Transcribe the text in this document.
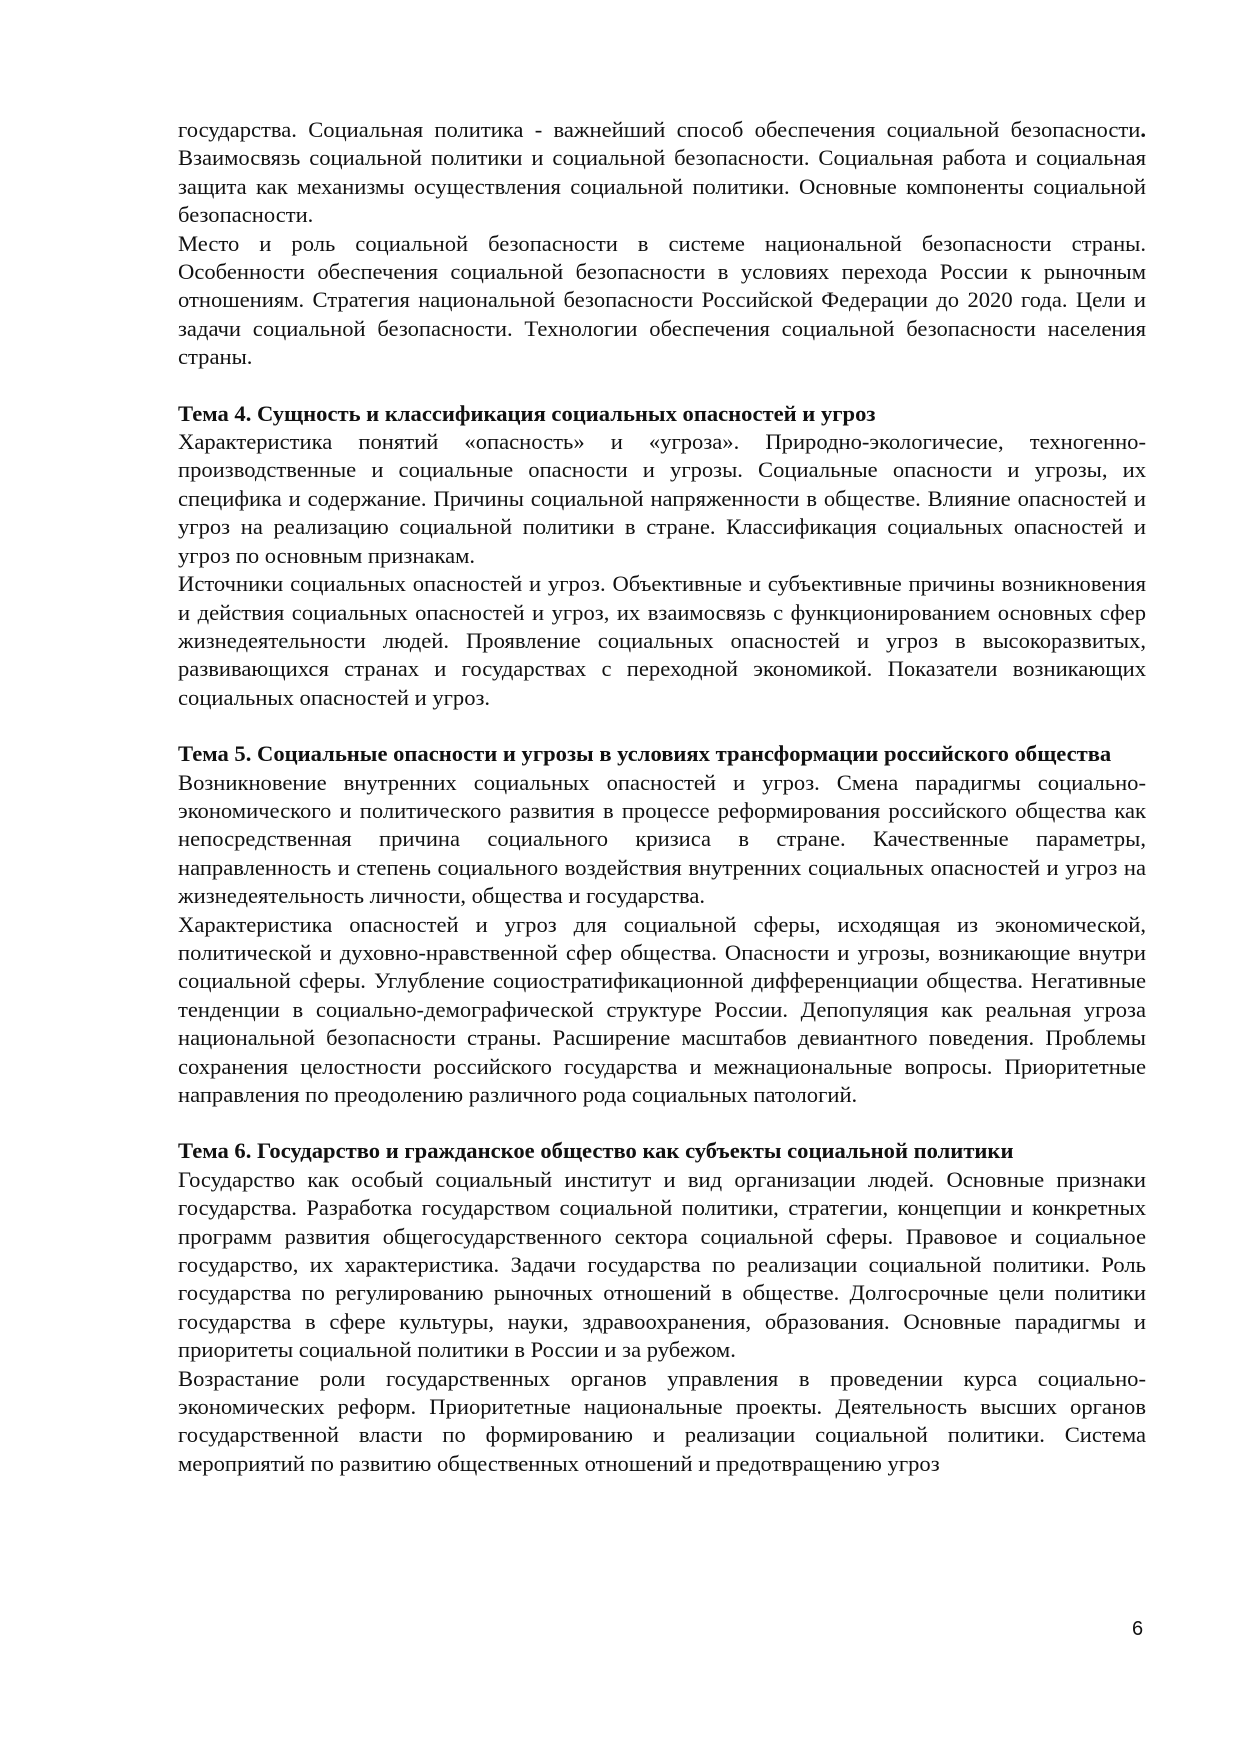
государства. Социальная политика - важнейший способ обеспечения социальной безопасности. Взаимосвязь социальной политики и социальной безопасности. Социальная работа и социальная защита как механизмы осуществления социальной политики. Основные компоненты социальной безопасности.

Место и роль социальной безопасности в системе национальной безопасности страны. Особенности обеспечения социальной безопасности в условиях перехода России к рыночным отношениям. Стратегия национальной безопасности Российской Федерации до 2020 года. Цели и задачи социальной безопасности. Технологии обеспечения социальной безопасности населения страны.

Тема 4. Сущность и классификация социальных опасностей и угроз

Характеристика понятий «опасность» и «угроза». Природно-экологичесие, техногенно-производственные и социальные опасности и угрозы. Социальные опасности и угрозы, их специфика и содержание. Причины социальной напряженности в обществе. Влияние опасностей и угроз на реализацию социальной политики в стране. Классификация социальных опасностей и угроз по основным признакам.

Источники социальных опасностей и угроз. Объективные и субъективные причины возникновения и действия социальных опасностей и угроз, их взаимосвязь с функционированием основных сфер жизнедеятельности людей. Проявление социальных опасностей и угроз в высокоразвитых, развивающихся странах и государствах с переходной экономикой. Показатели возникающих социальных опасностей и угроз.

Тема 5. Социальные опасности и угрозы в условиях трансформации российского общества

Возникновение внутренних социальных опасностей и угроз. Смена парадигмы социально-экономического и политического развития в процессе реформирования российского общества как непосредственная причина социального кризиса в стране. Качественные параметры, направленность и степень социального воздействия внутренних социальных опасностей и угроз на жизнедеятельность личности, общества и государства.

Характеристика опасностей и угроз для социальной сферы, исходящая из экономической, политической и духовно-нравственной сфер общества. Опасности и угрозы, возникающие внутри социальной сферы. Углубление социостратификационной дифференциации общества. Негативные тенденции в социально-демографической структуре России. Депопуляция как реальная угроза национальной безопасности страны. Расширение масштабов девиантного поведения. Проблемы сохранения целостности российского государства и межнациональные вопросы. Приоритетные направления по преодолению различного рода социальных патологий.

Тема 6. Государство и гражданское общество как субъекты социальной политики

Государство как особый социальный институт и вид организации людей. Основные признаки государства. Разработка государством социальной политики, стратегии, концепции и конкретных программ развития общегосударственного сектора социальной сферы. Правовое и социальное государство, их характеристика. Задачи государства по реализации социальной политики. Роль государства по регулированию рыночных отношений в обществе. Долгосрочные цели политики государства в сфере культуры, науки, здравоохранения, образования. Основные парадигмы и приоритеты социальной политики в России и за рубежом.

Возрастание роли государственных органов управления в проведении курса социально-экономических реформ. Приоритетные национальные проекты. Деятельность высших органов государственной власти по формированию и реализации социальной политики. Система мероприятий по развитию общественных отношений и предотвращению угроз

6
